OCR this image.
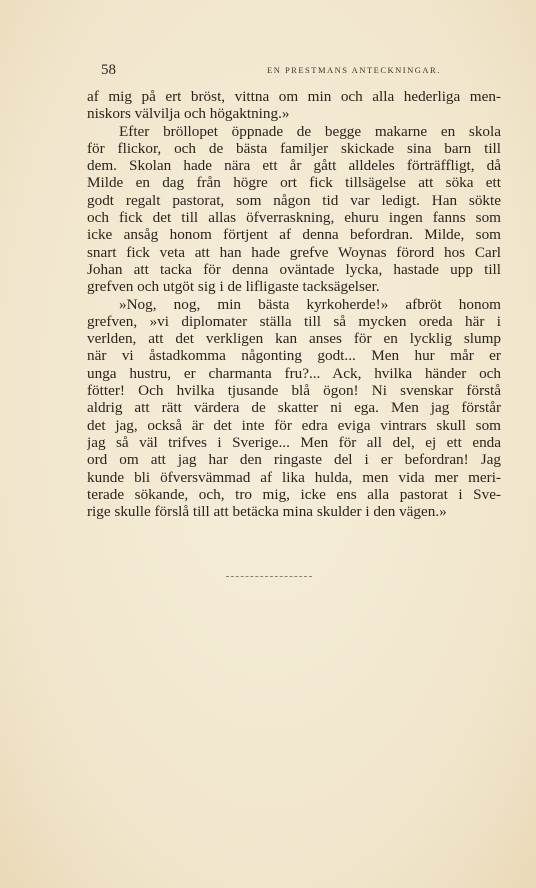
58	EN PRESTMANS ANTECKNINGAR.
af mig på ert bröst, vittna om min och alla hederliga men-
niskors välvilja och högaktning.»
Efter bröllopet öppnade de begge makarne en skola
för flickor, och de bästa familjer skickade sina barn till
dem. Skolan hade nära ett år gått alldeles förträffligt, då
Milde en dag från högre ort fick tillsägelse att söka ett
godt regalt pastorat, som någon tid var ledigt. Han sökte
och fick det till allas öfverraskning, ehuru ingen fanns som
icke ansåg honom förtjent af denna befordran. Milde, som
snart fick veta att han hade grefve Woynas förord hos Carl
Johan att tacka för denna oväntade lycka, hastade upp till
grefven och utgöt sig i de lifligaste tacksägelser.
»Nog, nog, min bästa kyrkoherde!» afbröt honom
grefven, »vi diplomater ställa till så mycken oreda här i
verlden, att det verkligen kan anses för en lycklig slump
när vi åstadkomma någonting godt... Men hur mår er
unga hustru, er charmanta fru?... Ack, hvilka händer och
fötter! Och hvilka tjusande blå ögon! Ni svenskar förstå
aldrig att rätt värdera de skatter ni ega. Men jag förstår
det jag, också är det inte för edra eviga vintrars skull som
jag så väl trifves i Sverige... Men för all del, ej ett enda
ord om att jag har den ringaste del i er befordran! Jag
kunde bli öfversvämmad af lika hulda, men vida mer meri-
terade sökande, och, tro mig, icke ens alla pastorat i Sve-
rige skulle förslå till att betäcka mina skulder i den vägen.»
